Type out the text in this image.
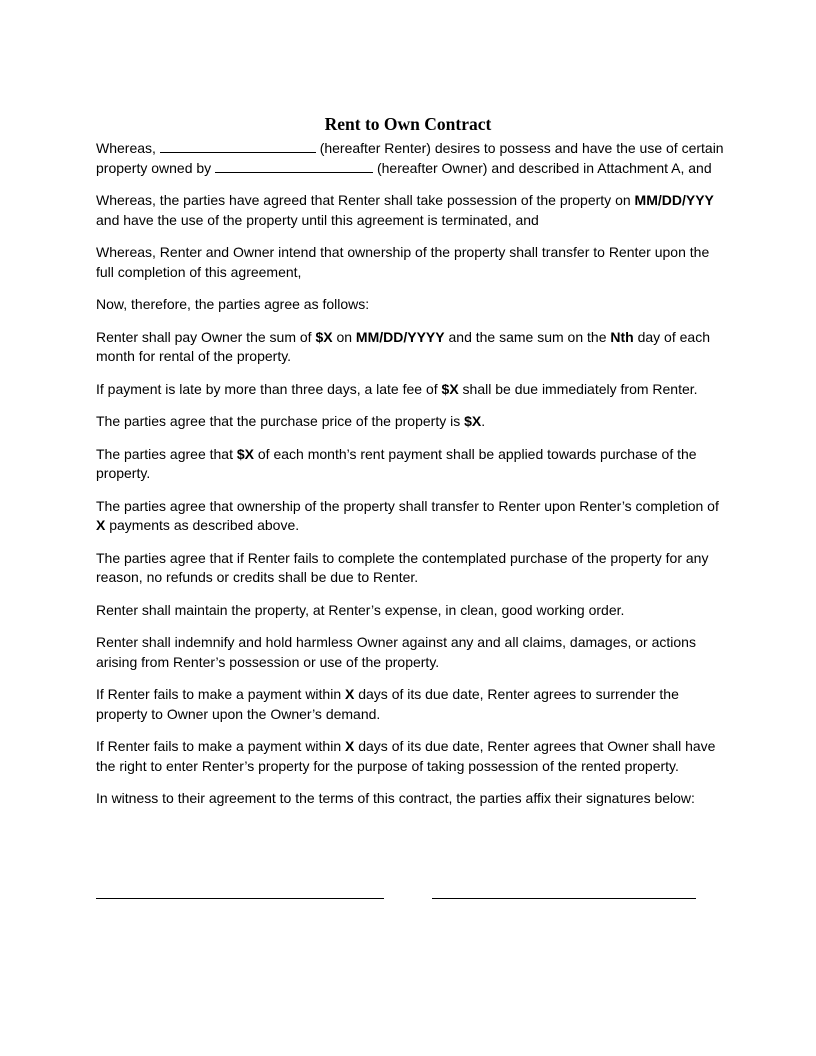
Rent to Own Contract

Whereas,	(hereafter Renter) desires to possess and have the use of certain property owned by	(hereafter Owner) and described in Attachment A, and

Whereas, the parties have agreed that Renter shall take possession of the property on MM/DD/YYY and have the use of the property until this agreement is terminated, and

Whereas, Renter and Owner intend that ownership of the property shall transfer to Renter upon the full completion of this agreement,

Now, therefore, the parties agree as follows:

Renter shall pay Owner the sum of $X on MM/DD/YYYY and the same sum on the Nth day of each month for rental of the property.

If payment is late by more than three days, a late fee of $X shall be due immediately from Renter.

The parties agree that the purchase price of the property is $X.

The parties agree that $X of each month’s rent payment shall be applied towards purchase of the property.

The parties agree that ownership of the property shall transfer to Renter upon Renter’s completion of X payments as described above.

The parties agree that if Renter fails to complete the contemplated purchase of the property for any reason, no refunds or credits shall be due to Renter.

Renter shall maintain the property, at Renter’s expense, in clean, good working order.

Renter shall indemnify and hold harmless Owner against any and all claims, damages, or actions arising from Renter’s possession or use of the property.

If Renter fails to make a payment within X days of its due date, Renter agrees to surrender the property to Owner upon the Owner’s demand.

If Renter fails to make a payment within X days of its due date, Renter agrees that Owner shall have the right to enter Renter’s property for the purpose of taking possession of the rented property.

In witness to their agreement to the terms of this contract, the parties affix their signatures below:
